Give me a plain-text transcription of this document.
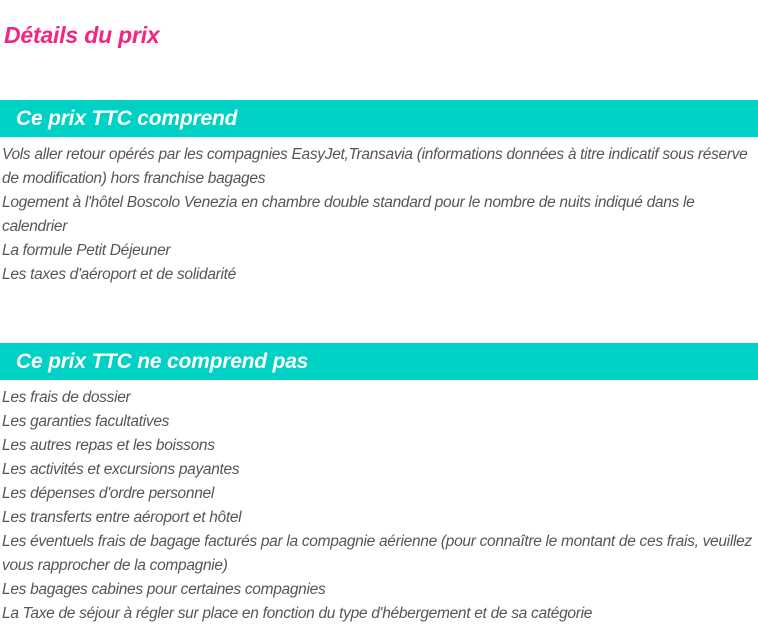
Détails du prix
Ce prix TTC comprend

Vols aller retour opérés par les compagnies EasyJet,Transavia (informations données à titre indicatif sous réserve de modification) hors franchise bagages

Logement à l'hôtel Boscolo Venezia en chambre double standard pour le nombre de nuits indiqué dans le calendrier

La formule Petit Déjeuner

Les taxes d'aéroport et de solidarité

Ce prix TTC ne comprend pas

Les frais de dossier

Les garanties facultatives

Les autres repas et les boissons

Les activités et excursions payantes

Les dépenses d'ordre personnel

Les transferts entre aéroport et hôtel

Les éventuels frais de bagage facturés par la compagnie aérienne (pour connaître le montant de ces frais, veuillez vous rapprocher de la compagnie)

Les bagages cabines pour certaines compagnies

La Taxe de séjour à régler sur place en fonction du type d'hébergement et de sa catégorie
